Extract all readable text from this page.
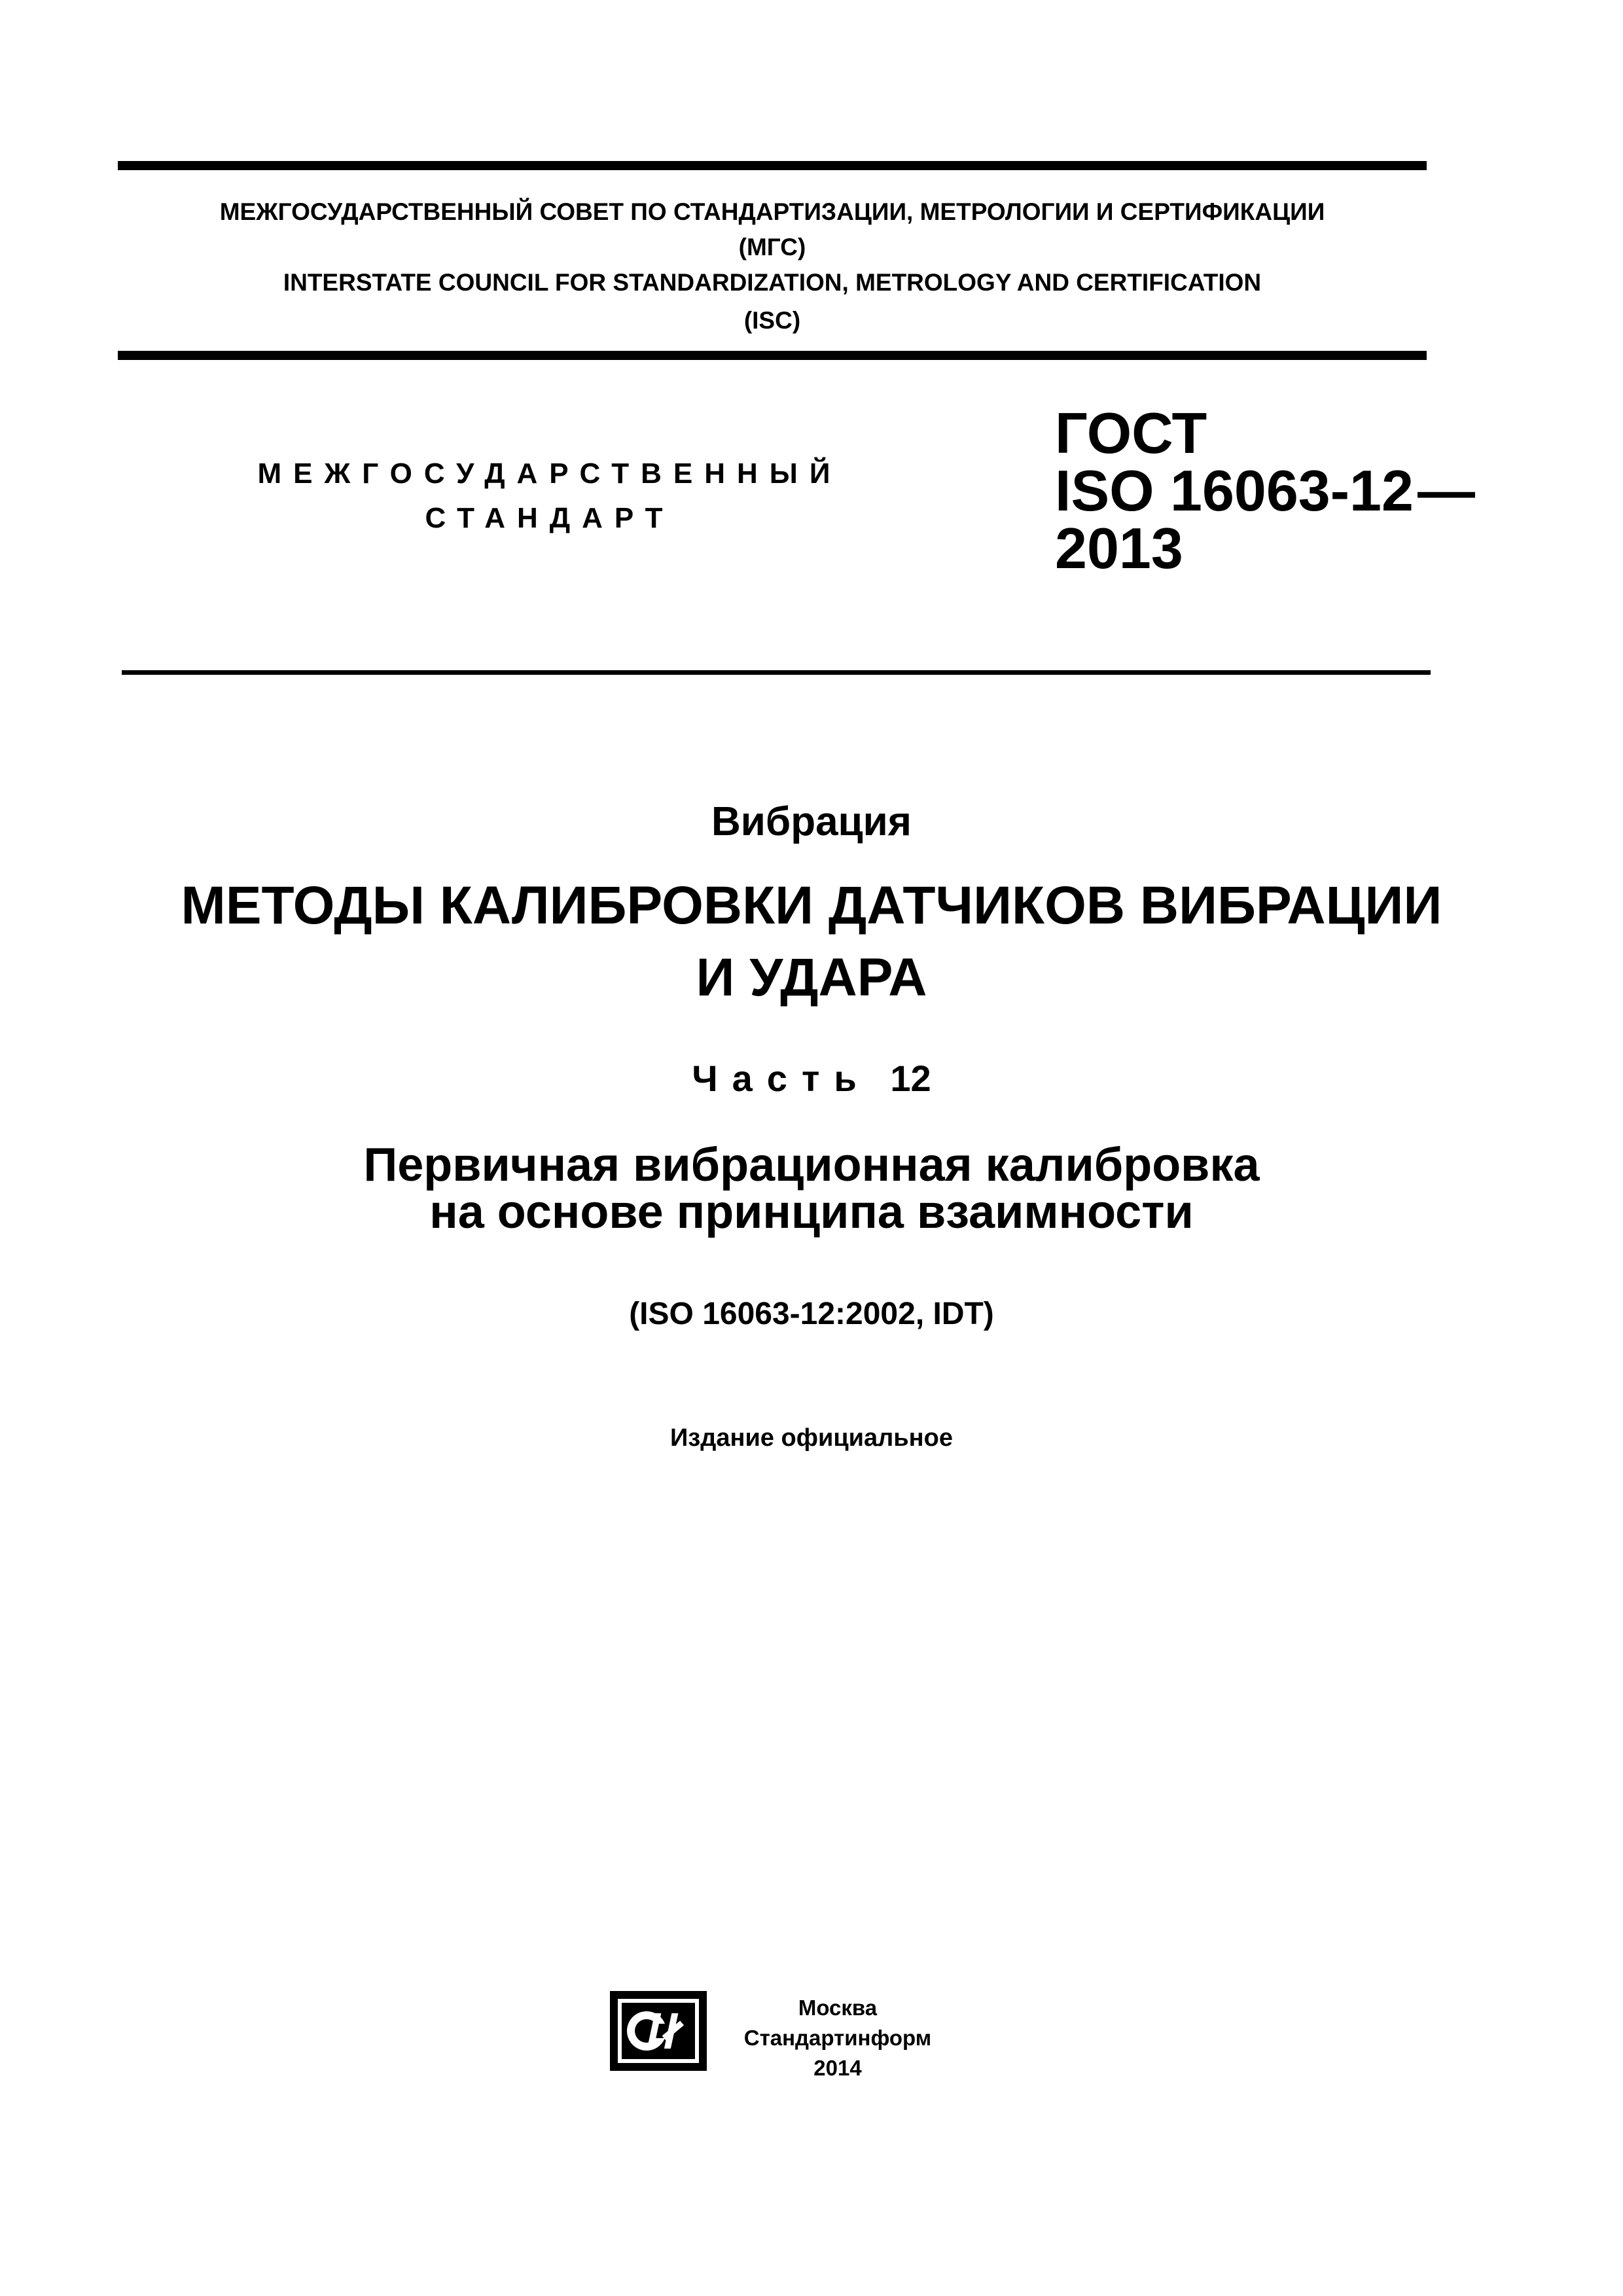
МЕЖГОСУДАРСТВЕННЫЙ СОВЕТ ПО СТАНДАРТИЗАЦИИ, МЕТРОЛОГИИ И СЕРТИФИКАЦИИ
(МГС)
INTERSTATE COUNCIL FOR STANDARDIZATION, METROLOGY AND CERTIFICATION
(ISC)
МЕЖГОСУДАРСТВЕННЫЙ
СТАНДАРТ
ГОСТ
ISO 16063-12—
2013
Вибрация
МЕТОДЫ КАЛИБРОВКИ ДАТЧИКОВ ВИБРАЦИИ
И УДАРА
Часть 12
Первичная вибрационная калибровка
на основе принципа взаимности
(ISO 16063-12:2002, IDT)
Издание официальное
Москва
Стандартинформ
2014
